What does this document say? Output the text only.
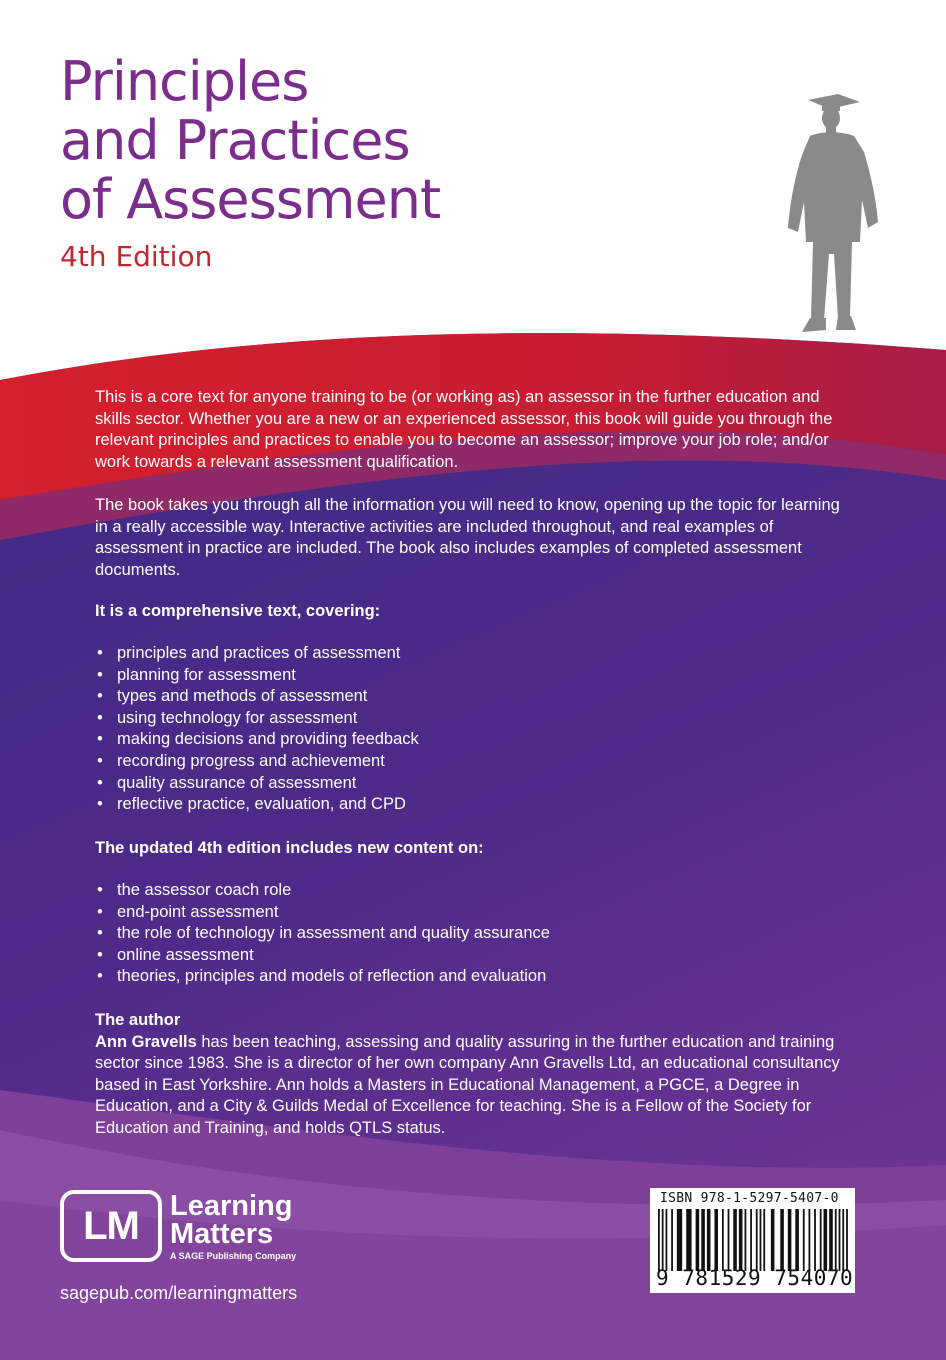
Principles
and Practices
of Assessment
4th Edition

This is a core text for anyone training to be (or working as) an assessor in the further education and skills sector. Whether you are a new or an experienced assessor, this book will guide you through the relevant principles and practices to enable you to become an assessor; improve your job role; and/or work towards a relevant assessment qualification.

The book takes you through all the information you will need to know, opening up the topic for learning in a really accessible way. Interactive activities are included throughout, and real examples of assessment in practice are included. The book also includes examples of completed assessment documents.

It is a comprehensive text, covering:
• principles and practices of assessment
• planning for assessment
• types and methods of assessment
• using technology for assessment
• making decisions and providing feedback
• recording progress and achievement
• quality assurance of assessment
• reflective practice, evaluation, and CPD
The updated 4th edition includes new content on:
• the assessor coach role
• end-point assessment
• the role of technology in assessment and quality assurance
• online assessment
• theories, principles and models of reflection and evaluation
The author

Ann Gravells has been teaching, assessing and quality assuring in the further education and training sector since 1983. She is a director of her own company Ann Gravells Ltd, an educational consultancy based in East Yorkshire. Ann holds a Masters in Educational Management, a PGCE, a Degree in Education, and a City & Guilds Medal of Excellence for teaching. She is a Fellow of the Society for Education and Training, and holds QTLS status.

LM	Learning
Matters
A SAGE Publishing Company
sagepub.com/learningmatters
ISBN 978-1-5297-5407-0
9 781529 754070
